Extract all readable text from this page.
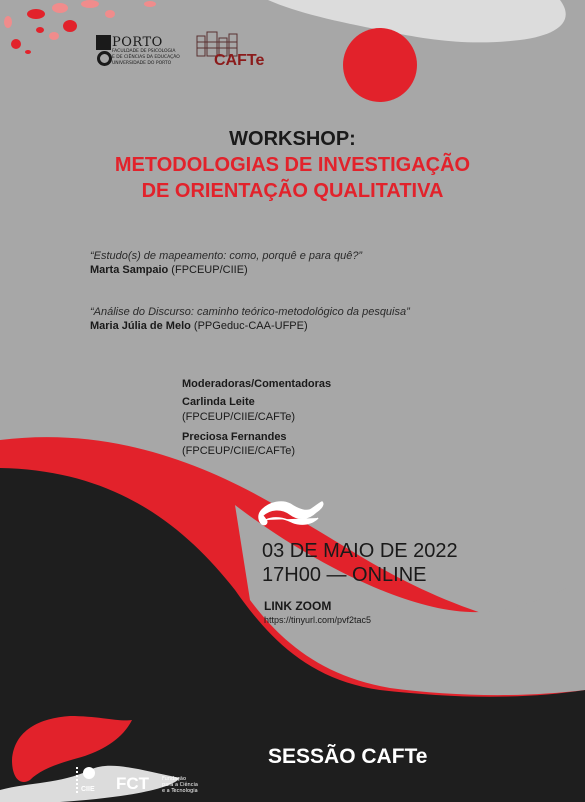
PORTO
FACULDADE DE PSICOLOGIA
E DE CIÊNCIAS DA EDUCAÇÃO
UNIVERSIDADE DO PORTO	CAFTe
WORKSHOP:
METODOLOGIAS DE INVESTIGAÇÃO
DE ORIENTAÇÃO QUALITATIVA
“Estudo(s) de mapeamento: como, porquê e para quê?”
Marta Sampaio (FPCEUP/CIIE)
“Análise do Discurso: caminho teórico-metodológico da pesquisa”
Maria Júlia de Melo (PPGeduc-CAA-UFPE)
Moderadoras/Comentadoras
Carlinda Leite
(FPCEUP/CIIE/CAFTe)
Preciosa Fernandes
(FPCEUP/CIIE/CAFTe)
03 DE MAIO DE 2022
17H00 — ONLINE
LINK ZOOM
https://tinyurl.com/pvf2tac5
SESSÃO CAFTe
CIIE FCT	Fundação
para a Ciência
e a Tecnologia
